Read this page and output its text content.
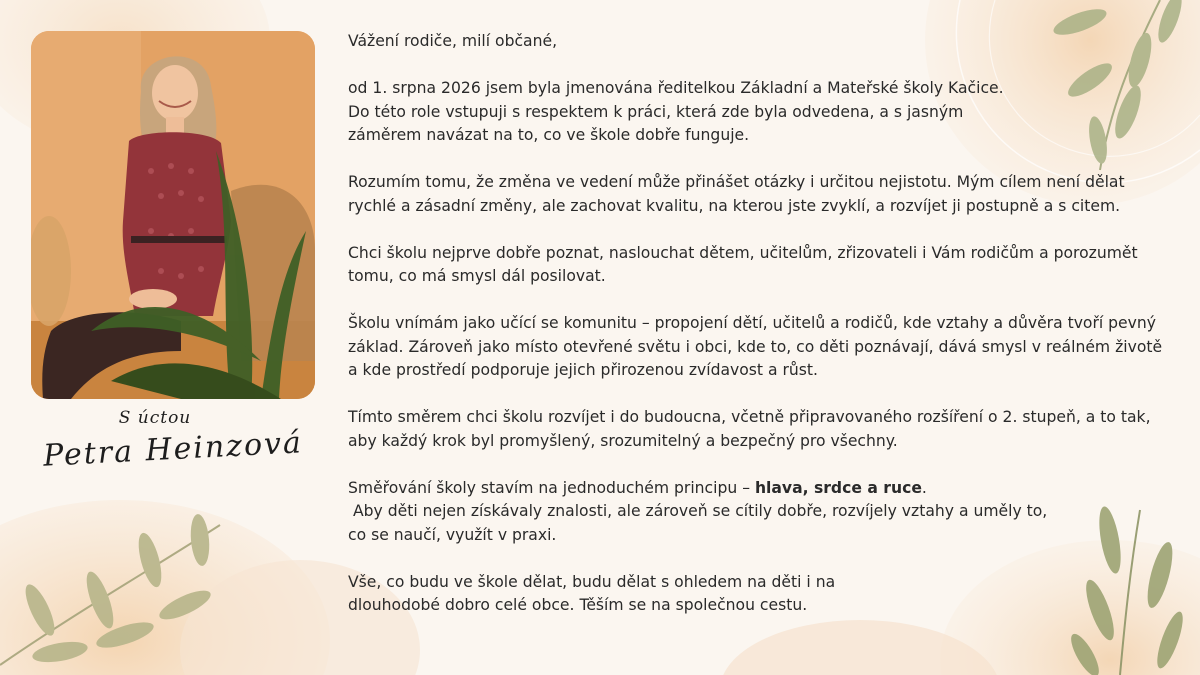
S úctou
Petra Heinzová

Vážení rodiče, milí občané,

od 1. srpna 2026 jsem byla jmenována ředitelkou Základní a Mateřské školy Kačice.
Do této role vstupuji s respektem k práci, která zde byla odvedena, a s jasným
záměrem navázat na to, co ve škole dobře funguje.

Rozumím tomu, že změna ve vedení může přinášet otázky i určitou nejistotu. Mým cílem není dělat
rychlé a zásadní změny, ale zachovat kvalitu, na kterou jste zvyklí, a rozvíjet ji postupně a s citem.

Chci školu nejprve dobře poznat, naslouchat dětem, učitelům, zřizovateli i Vám rodičům a porozumět
tomu, co má smysl dál posilovat.

Školu vnímám jako učící se komunitu – propojení dětí, učitelů a rodičů, kde vztahy a důvěra tvoří pevný
základ. Zároveň jako místo otevřené světu i obci, kde to, co děti poznávají, dává smysl v reálném životě
a kde prostředí podporuje jejich přirozenou zvídavost a růst.

Tímto směrem chci školu rozvíjet i do budoucna, včetně připravovaného rozšíření o 2. stupeň, a to tak,
aby každý krok byl promyšlený, srozumitelný a bezpečný pro všechny.

Směřování školy stavím na jednoduchém principu – hlava, srdce a ruce.
Aby děti nejen získávaly znalosti, ale zároveň se cítily dobře, rozvíjely vztahy a uměly to,
co se naučí, využít v praxi.

Vše, co budu ve škole dělat, budu dělat s ohledem na děti i na
dlouhodobé dobro celé obce. Těším se na společnou cestu.
